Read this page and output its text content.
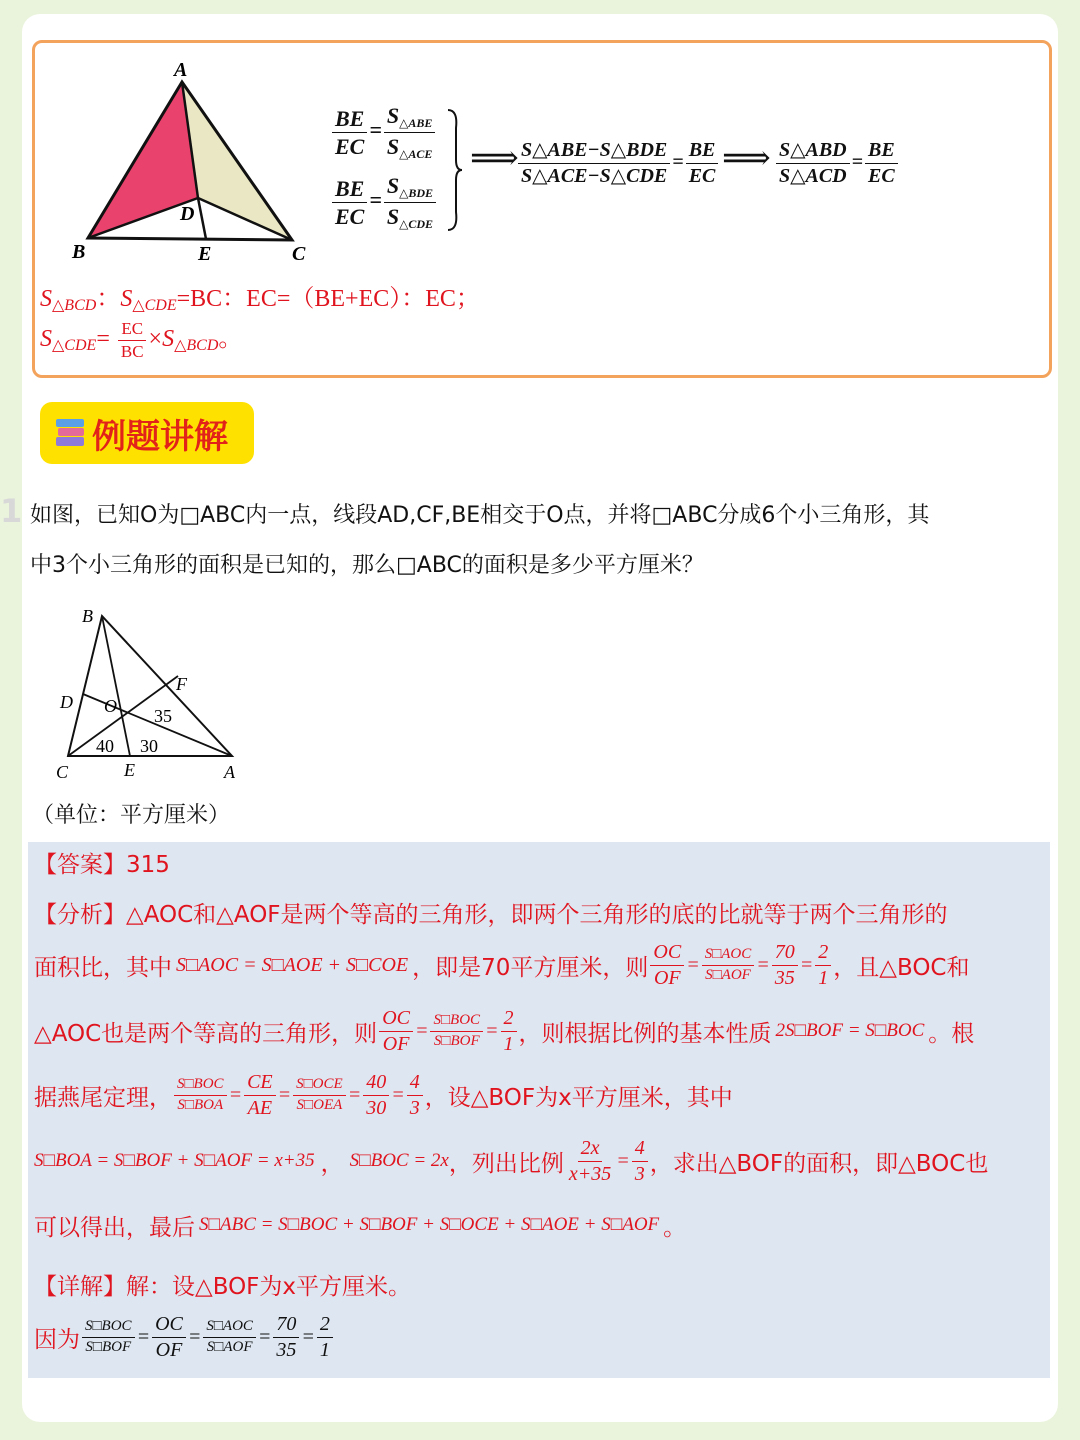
A
B	C
D
E
$\frac{BE}{EC} = \frac{S_{\triangle ABE}}{S_{\triangle ACE}}$
$\frac{BE}{EC} = \frac{S_{\triangle BDE}}{S_{\triangle CDE}}$
⟹ $\frac{\text{S△ABE−S△BDE}}{\text{S△ACE−S△CDE}} = \frac{BE}{EC}$ ⟹ $\frac{\text{S△ABD}}{\text{S△ACD}} = \frac{BE}{EC}$
$S_{\triangle BCD}$：$S_{\triangle CDE}=BC$：EC=（BE+EC）：EC；
$S_{\triangle CDE}= \frac{EC}{BC} \times S_{\triangle BCD}$。
例题讲解
1 如图，已知O为□ABC内一点，线段AD,CF,BE相交于O点，并将□ABC分成6个小三角形，其
中3个小三角形的面积是已知的，那么□ABC的面积是多少平方厘米？
B
D O
F
C	E	A
35
40 30
（单位：平方厘米）
【答案】315
【分析】△AOC和△AOF是两个等高的三角形，即两个三角形的底的比就等于两个三角形的
面积比，其中 S□AOC = S□AOE + S□COE ，即是70平方厘米，则 $\frac{OC}{OF} = \frac{\text{S□AOC}}{\text{S□AOF}} = \frac{70}{35} = \frac{2}{1}$ ，且△BOC和
△AOC也是两个等高的三角形，则 $\frac{OC}{OF} = \frac{\text{S□BOC}}{\text{S□BOF}} = \frac{2}{1}$ ，则根据比例的基本性质 2S□BOF = S□BOC 。根
据燕尾定理， $\frac{\text{S□BOC}}{\text{S□BOA}} = \frac{CE}{AE} = \frac{\text{S□OCE}}{\text{S□OEA}} = \frac{40}{30} = \frac{4}{3}$ ，设△BOF为x平方厘米，其中
S□BOA = S□BOF + S□AOF = x+35 ， S□BOC = 2x ，列出比例 $\frac{2x}{x+35} = \frac{4}{3}$ ，求出△BOF的面积，即△BOC也
可以得出，最后 S□ABC = S□BOC + S□BOF + S□OCE + S□AOE + S□AOF 。
【详解】解：设△BOF为x平方厘米。
因为 $\frac{\text{S□BOC}}{\text{S□BOF}} = \frac{OC}{OF} = \frac{\text{S□AOC}}{\text{S□AOF}} = \frac{70}{35} = \frac{2}{1}$
